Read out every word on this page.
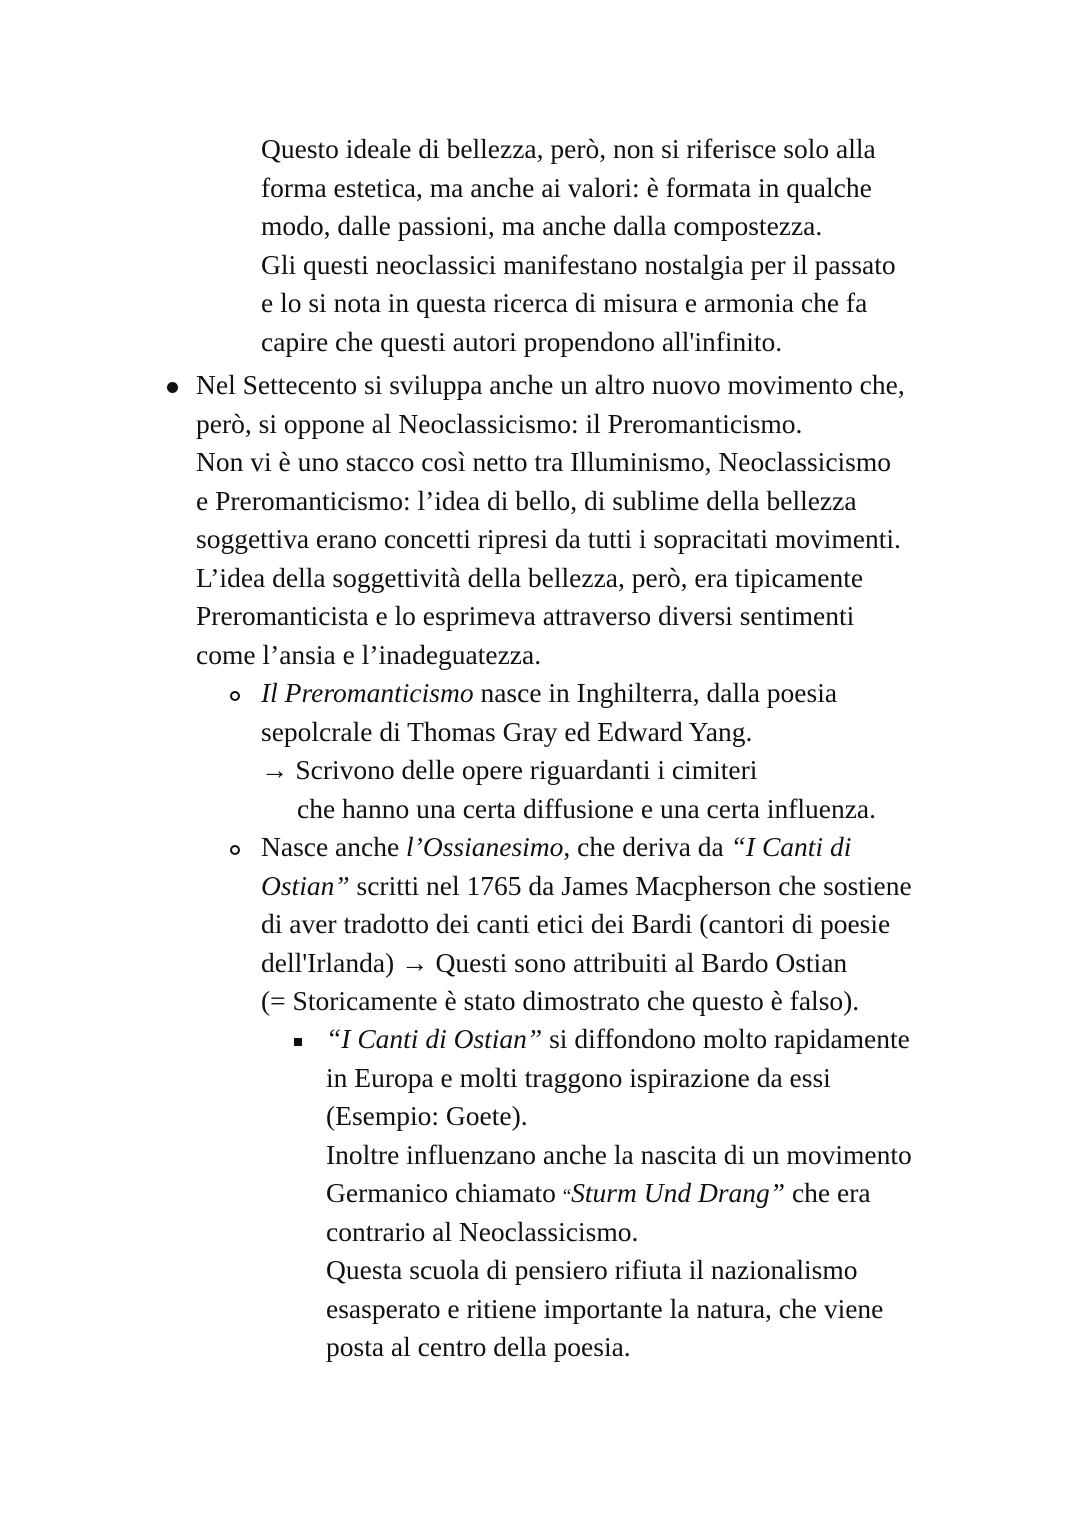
Questo ideale di bellezza, però, non si riferisce solo alla
forma estetica, ma anche ai valori: è formata in qualche
modo, dalle passioni, ma anche dalla compostezza.
Gli questi neoclassici manifestano nostalgia per il passato
e lo si nota in questa ricerca di misura e armonia che fa
capire che questi autori propendono all'infinito.
Nel Settecento si sviluppa anche un altro nuovo movimento che,
però, si oppone al Neoclassicismo: il Preromanticismo.
Non vi è uno stacco così netto tra Illuminismo, Neoclassicismo
e Preromanticismo: l’idea di bello, di sublime della bellezza
soggettiva erano concetti ripresi da tutti i sopracitati movimenti.
L’idea della soggettività della bellezza, però, era tipicamente
Preromanticista e lo esprimeva attraverso diversi sentimenti
come l’ansia e l’inadeguatezza.
Il Preromanticismo nasce in Inghilterra, dalla poesia
sepolcrale di Thomas Gray ed Edward Yang.
→ Scrivono delle opere riguardanti i cimiteri
che hanno una certa diffusione e una certa influenza.
Nasce anche l’Ossianesimo, che deriva da “I Canti di
Ostian” scritti nel 1765 da James Macpherson che sostiene
di aver tradotto dei canti etici dei Bardi (cantori di poesie
dell'Irlanda) → Questi sono attribuiti al Bardo Ostian
(= Storicamente è stato dimostrato che questo è falso).
“I Canti di Ostian” si diffondono molto rapidamente
in Europa e molti traggono ispirazione da essi
(Esempio: Goete).
Inoltre influenzano anche la nascita di un movimento
Germanico chiamato “Sturm Und Drang” che era
contrario al Neoclassicismo.
Questa scuola di pensiero rifiuta il nazionalismo
esasperato e ritiene importante la natura, che viene
posta al centro della poesia.
